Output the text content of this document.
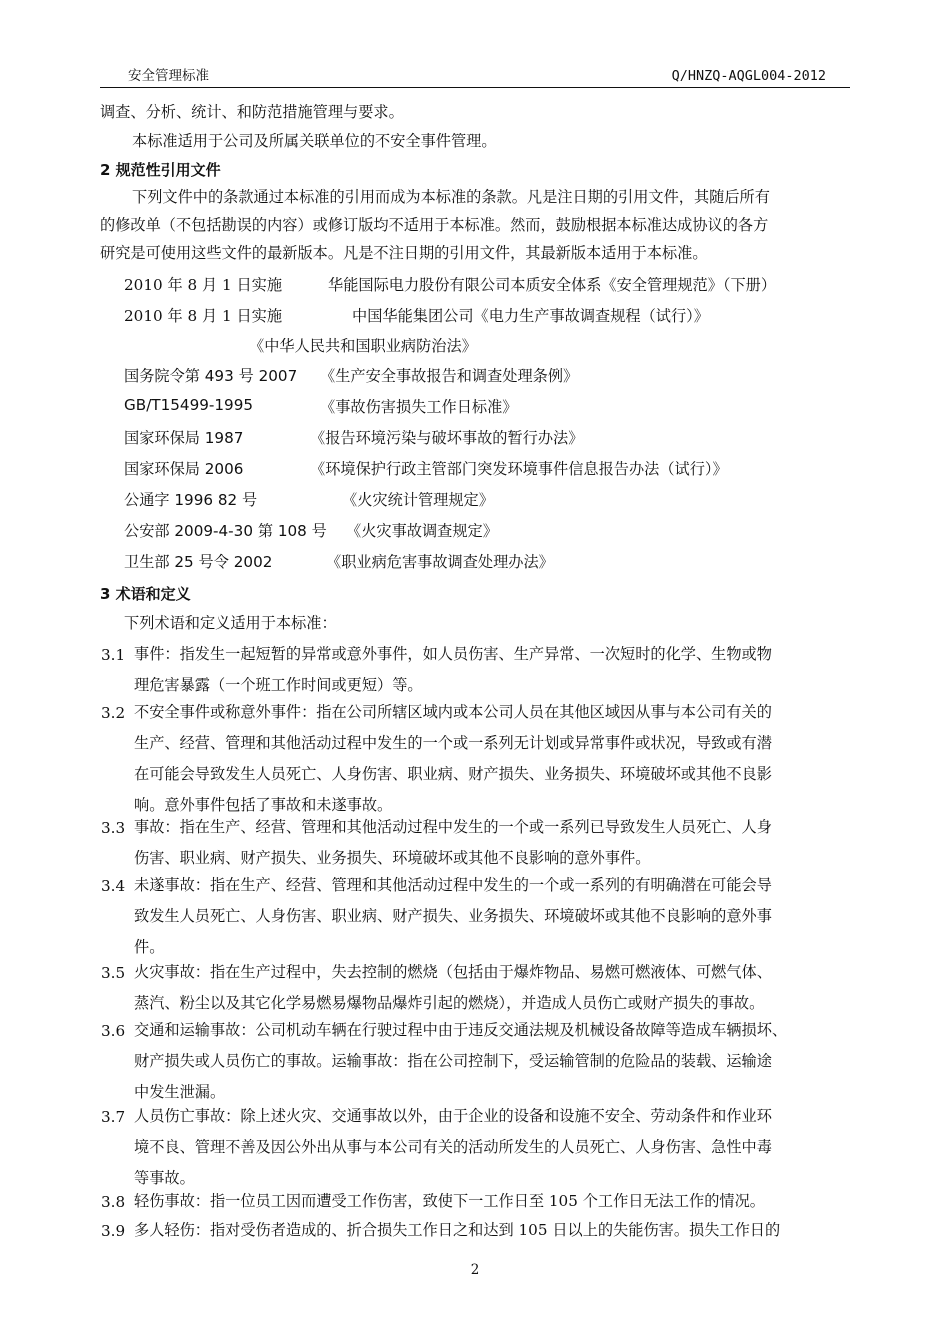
安全管理标准	Q/HNZQ-AQGL004-2012
调查、分析、统计、和防范措施管理与要求。
本标准适用于公司及所属关联单位的不安全事件管理。
2 规范性引用文件
下列文件中的条款通过本标准的引用而成为本标准的条款。凡是注日期的引用文件，其随后所有
的修改单（不包括勘误的内容）或修订版均不适用于本标准。然而，鼓励根据本标准达成协议的各方
研究是可使用这些文件的最新版本。凡是不注日期的引用文件，其最新版本适用于本标准。
2010 年 8 月 1 日实施	华能国际电力股份有限公司本质安全体系《安全管理规范》（下册）
2010 年 8 月 1 日实施	中国华能集团公司《电力生产事故调查规程（试行）》
《中华人民共和国职业病防治法》
国务院令第 493 号 2007 《生产安全事故报告和调查处理条例》
GB/T15499-1995	《事故伤害损失工作日标准》
国家环保局 1987	《报告环境污染与破坏事故的暂行办法》
国家环保局 2006	《环境保护行政主管部门突发环境事件信息报告办法（试行）》
公通字 1996 82 号	《火灾统计管理规定》
公安部 2009-4-30 第 108 号 《火灾事故调查规定》
卫生部 25 号令 2002	《职业病危害事故调查处理办法》
3 术语和定义
下列术语和定义适用于本标准：
3.1 事件：指发生一起短暂的异常或意外事件，如人员伤害、生产异常、一次短时的化学、生物或物

理危害暴露（一个班工作时间或更短）等。

3.2 不安全事件或称意外事件：指在公司所辖区域内或本公司人员在其他区域因从事与本公司有关的

生产、经营、管理和其他活动过程中发生的一个或一系列无计划或异常事件或状况，导致或有潜

在可能会导致发生人员死亡、人身伤害、职业病、财产损失、业务损失、环境破坏或其他不良影

响。意外事件包括了事故和未遂事故。

3.3 事故：指在生产、经营、管理和其他活动过程中发生的一个或一系列已导致发生人员死亡、人身

伤害、职业病、财产损失、业务损失、环境破坏或其他不良影响的意外事件。

3.4 未遂事故：指在生产、经营、管理和其他活动过程中发生的一个或一系列的有明确潜在可能会导

致发生人员死亡、人身伤害、职业病、财产损失、业务损失、环境破坏或其他不良影响的意外事

件。

3.5 火灾事故：指在生产过程中，失去控制的燃烧（包括由于爆炸物品、易燃可燃液体、可燃气体、

蒸汽、粉尘以及其它化学易燃易爆物品爆炸引起的燃烧），并造成人员伤亡或财产损失的事故。

3.6 交通和运输事故：公司机动车辆在行驶过程中由于违反交通法规及机械设备故障等造成车辆损坏、

财产损失或人员伤亡的事故。运输事故：指在公司控制下，受运输管制的危险品的装载、运输途

中发生泄漏。

3.7 人员伤亡事故：除上述火灾、交通事故以外，由于企业的设备和设施不安全、劳动条件和作业环

境不良、管理不善及因公外出从事与本公司有关的活动所发生的人员死亡、人身伤害、急性中毒

等事故。

3.8 轻伤事故：指一位员工因而遭受工作伤害，致使下一工作日至 105 个工作日无法工作的情况。

3.9 多人轻伤：指对受伤者造成的、折合损失工作日之和达到 105 日以上的失能伤害。损失工作日的

2
